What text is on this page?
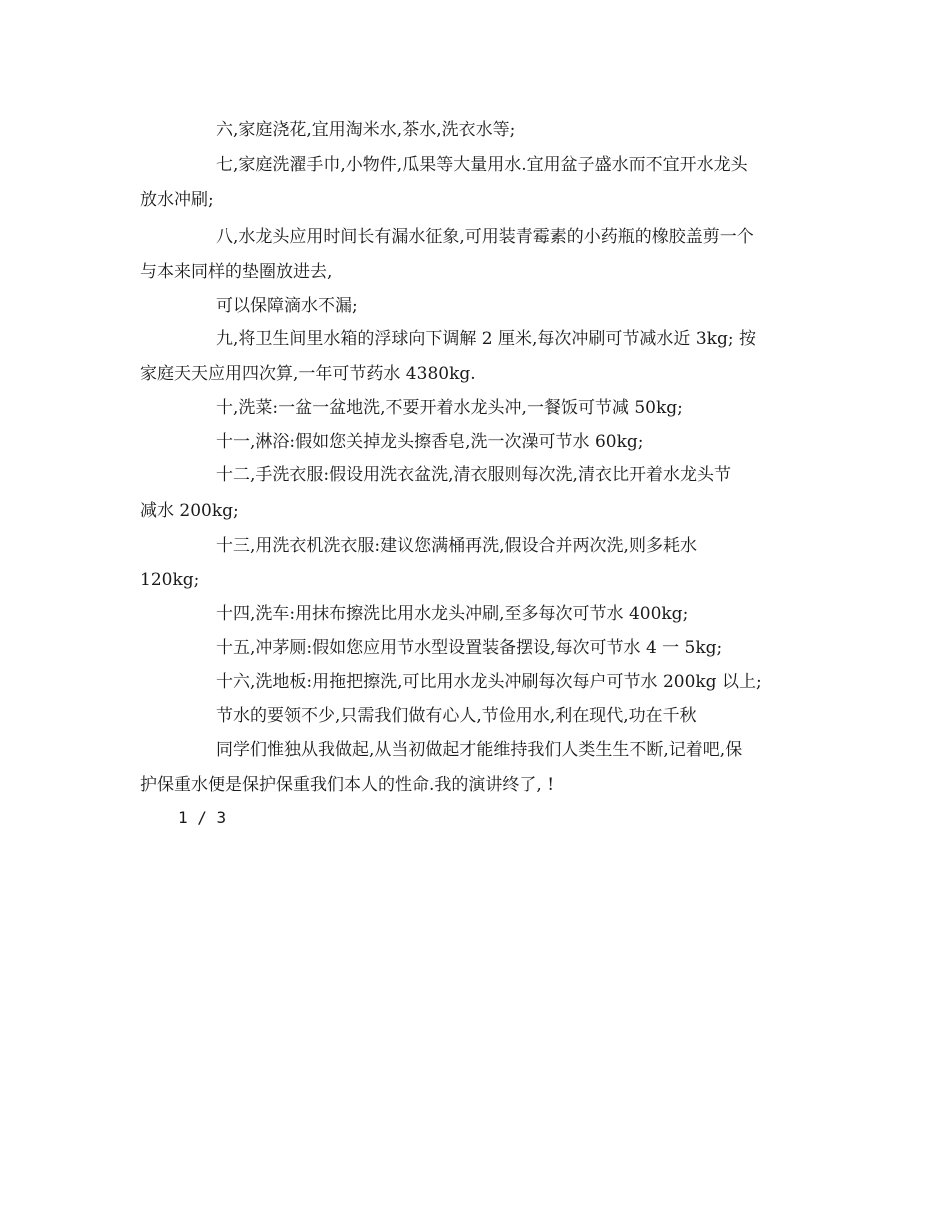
六,家庭浇花,宜用淘米水,茶水,洗衣水等;
七,家庭洗濯手巾,小物件,瓜果等大量用水.宜用盆子盛水而不宜开水龙头
放水冲刷;
八,水龙头应用时间长有漏水征象,可用装青霉素的小药瓶的橡胶盖剪一个
与本来同样的垫圈放进去,
可以保障滴水不漏;
九,将卫生间里水箱的浮球向下调解 2 厘米,每次冲刷可节减水近 3kg; 按
家庭天天应用四次算,一年可节药水 4380kg.
十,洗菜:一盆一盆地洗,不要开着水龙头冲,一餐饭可节减 50kg;
十一,淋浴:假如您关掉龙头擦香皂,洗一次澡可节水 60kg;
十二,手洗衣服:假设用洗衣盆洗,清衣服则每次洗,清衣比开着水龙头节
减水 200kg;
十三,用洗衣机洗衣服:建议您满桶再洗,假设合并两次洗,则多耗水
120kg;
十四,洗车:用抹布擦洗比用水龙头冲刷,至多每次可节水 400kg;
十五,冲茅厕:假如您应用节水型设置装备摆设,每次可节水 4 一 5kg;
十六,洗地板:用拖把擦洗,可比用水龙头冲刷每次每户可节水 200kg 以上;
节水的要领不少,只需我们做有心人,节俭用水,利在现代,功在千秋
同学们惟独从我做起,从当初做起才能维持我们人类生生不断,记着吧,保
护保重水便是保护保重我们本人的性命.我的演讲终了, !
1 / 3
